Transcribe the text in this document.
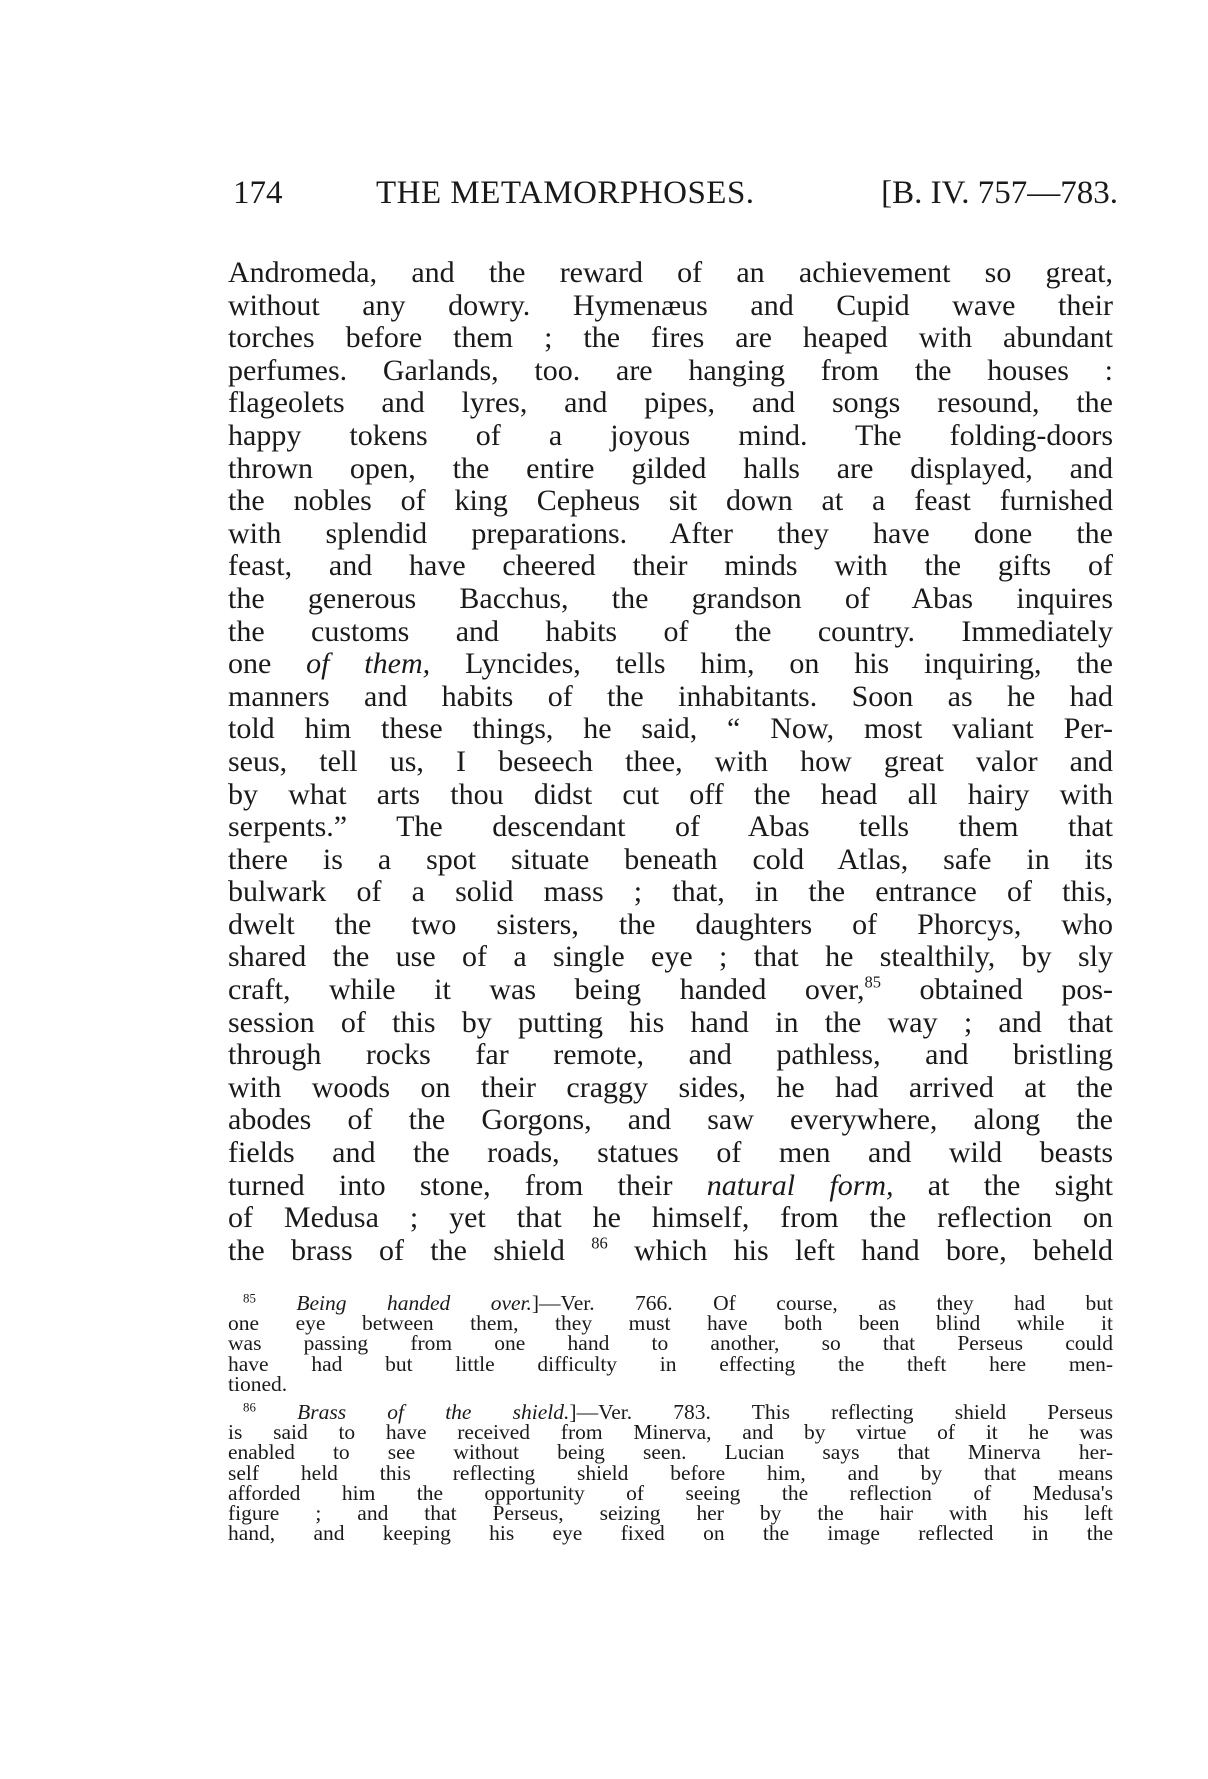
174	THE METAMORPHOSES.	[B. IV. 757—783.
Andromeda, and the reward of an achievement so great,
without any dowry. Hymenæus and Cupid wave their
torches before them ; the fires are heaped with abundant
perfumes. Garlands, too. are hanging from the houses :
flageolets and lyres, and pipes, and songs resound, the
happy tokens of a joyous mind. The folding-doors
thrown open, the entire gilded halls are displayed, and
the nobles of king Cepheus sit down at a feast furnished
with splendid preparations. After they have done the
feast, and have cheered their minds with the gifts of
the generous Bacchus, the grandson of Abas inquires
the customs and habits of the country. Immediately
one of them, Lyncides, tells him, on his inquiring, the
manners and habits of the inhabitants. Soon as he had
told him these things, he said, “ Now, most valiant Per-
seus, tell us, I beseech thee, with how great valor and
by what arts thou didst cut off the head all hairy with
serpents.” The descendant of Abas tells them that
there is a spot situate beneath cold Atlas, safe in its
bulwark of a solid mass ; that, in the entrance of this,
dwelt the two sisters, the daughters of Phorcys, who
shared the use of a single eye ; that he stealthily, by sly
craft, while it was being handed over,$^{85}$ obtained pos-
session of this by putting his hand in the way ; and that
through rocks far remote, and pathless, and bristling
with woods on their craggy sides, he had arrived at the
abodes of the Gorgons, and saw everywhere, along the
fields and the roads, statues of men and wild beasts
turned into stone, from their natural form, at the sight
of Medusa ; yet that he himself, from the reflection on
the brass of the shield $^{86}$ which his left hand bore, beheld
$^{85}$ Being handed over.]—Ver. 766. Of course, as they had but
one eye between them, they must have both been blind while it
was passing from one hand to another, so that Perseus could
have had but little difficulty in effecting the theft here men-
tioned.
$^{86}$ Brass of the shield.]—Ver. 783. This reflecting shield Perseus
is said to have received from Minerva, and by virtue of it he was
enabled to see without being seen. Lucian says that Minerva her-
self held this reflecting shield before him, and by that means
afforded him the opportunity of seeing the reflection of Medusa's
figure ; and that Perseus, seizing her by the hair with his left
hand, and keeping his eye fixed on the image reflected in the
